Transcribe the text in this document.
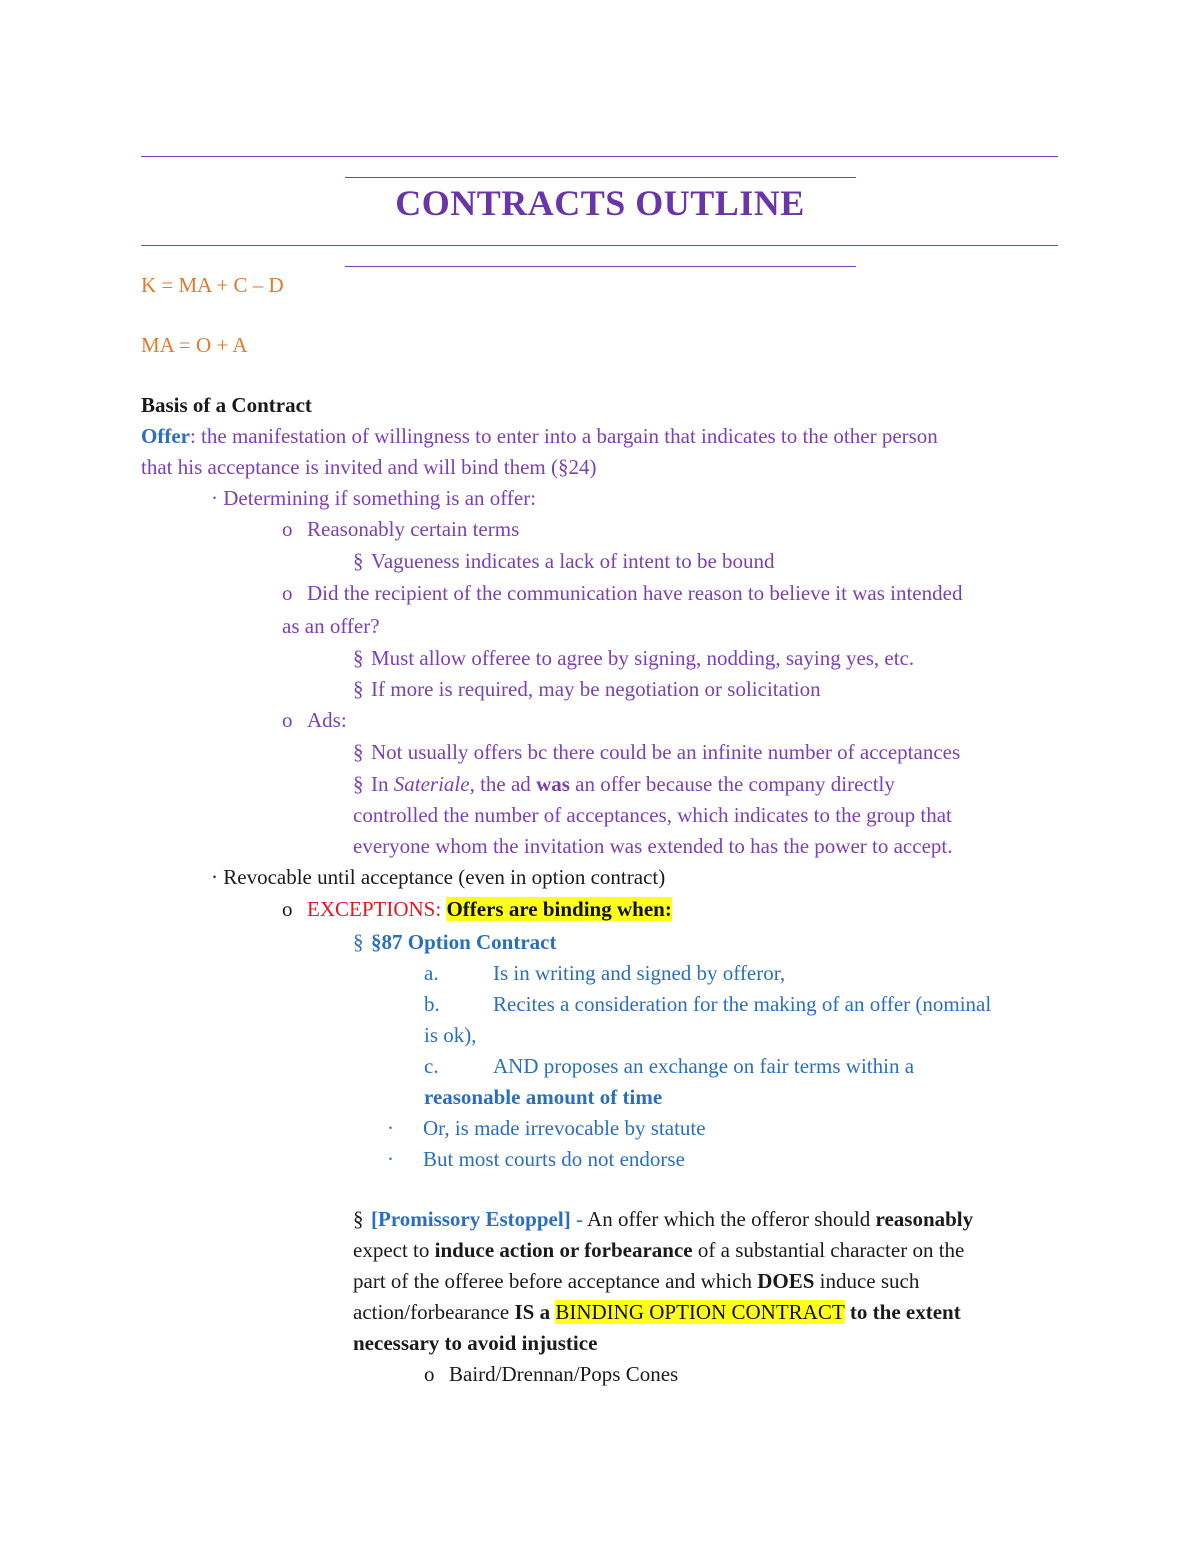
CONTRACTS OUTLINE
K = MA + C – D
MA = O + A
Basis of a Contract
Offer: the manifestation of willingness to enter into a bargain that indicates to the other person
that his acceptance is invited and will bind them (§24)
· Determining if something is an offer:
o Reasonably certain terms
§ Vagueness indicates a lack of intent to be bound
o Did the recipient of the communication have reason to believe it was intended
as an offer?
§ Must allow offeree to agree by signing, nodding, saying yes, etc.
§ If more is required, may be negotiation or solicitation
o Ads:
§ Not usually offers bc there could be an infinite number of acceptances
§ In Sateriale, the ad was an offer because the company directly
controlled the number of acceptances, which indicates to the group that
everyone whom the invitation was extended to has the power to accept.
· Revocable until acceptance (even in option contract)
o EXCEPTIONS: Offers are binding when:
§ §87 Option Contract
a.	Is in writing and signed by offeror,
b.	Recites a consideration for the making of an offer (nominal
is ok),
c.	AND proposes an exchange on fair terms within a
reasonable amount of time
· Or, is made irrevocable by statute
· But most courts do not endorse
§ [Promissory Estoppel] - An offer which the offeror should reasonably
expect to induce action or forbearance of a substantial character on the
part of the offeree before acceptance and which DOES induce such
action/forbearance IS a BINDING OPTION CONTRACT to the extent
necessary to avoid injustice
o Baird/Drennan/Pops Cones
